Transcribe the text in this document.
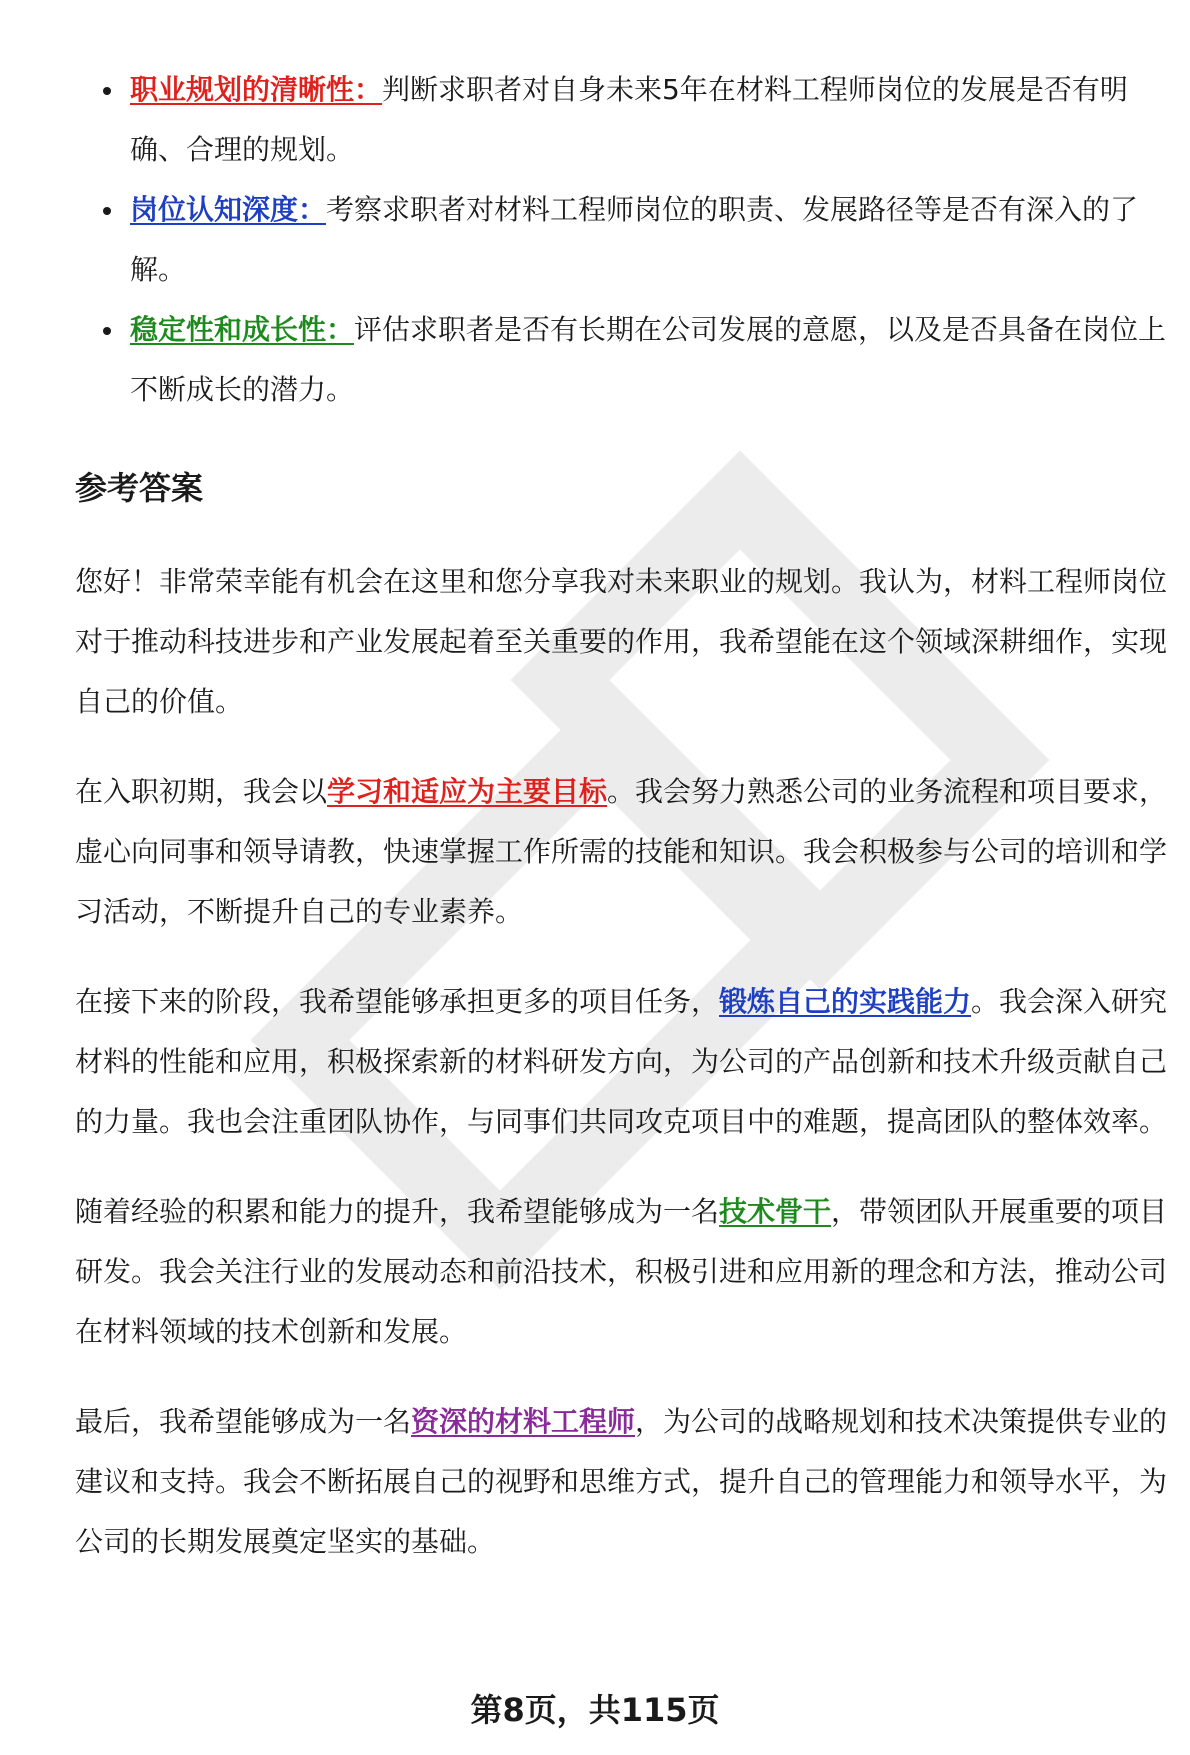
职业规划的清晰性：判断求职者对自身未来5年在材料工程师岗位的发展是否有明确、合理的规划。
岗位认知深度：考察求职者对材料工程师岗位的职责、发展路径等是否有深入的了解。
稳定性和成长性：评估求职者是否有长期在公司发展的意愿，以及是否具备在岗位上不断成长的潜力。
参考答案

您好！非常荣幸能有机会在这里和您分享我对未来职业的规划。我认为，材料工程师岗位对于推动科技进步和产业发展起着至关重要的作用，我希望能在这个领域深耕细作，实现自己的价值。

在入职初期，我会以学习和适应为主要目标。我会努力熟悉公司的业务流程和项目要求，虚心向同事和领导请教，快速掌握工作所需的技能和知识。我会积极参与公司的培训和学习活动，不断提升自己的专业素养。

在接下来的阶段，我希望能够承担更多的项目任务，锻炼自己的实践能力。我会深入研究材料的性能和应用，积极探索新的材料研发方向，为公司的产品创新和技术升级贡献自己的力量。我也会注重团队协作，与同事们共同攻克项目中的难题，提高团队的整体效率。

随着经验的积累和能力的提升，我希望能够成为一名技术骨干，带领团队开展重要的项目研发。我会关注行业的发展动态和前沿技术，积极引进和应用新的理念和方法，推动公司在材料领域的技术创新和发展。

最后，我希望能够成为一名资深的材料工程师，为公司的战略规划和技术决策提供专业的建议和支持。我会不断拓展自己的视野和思维方式，提升自己的管理能力和领导水平，为公司的长期发展奠定坚实的基础。

第8页，共115页
